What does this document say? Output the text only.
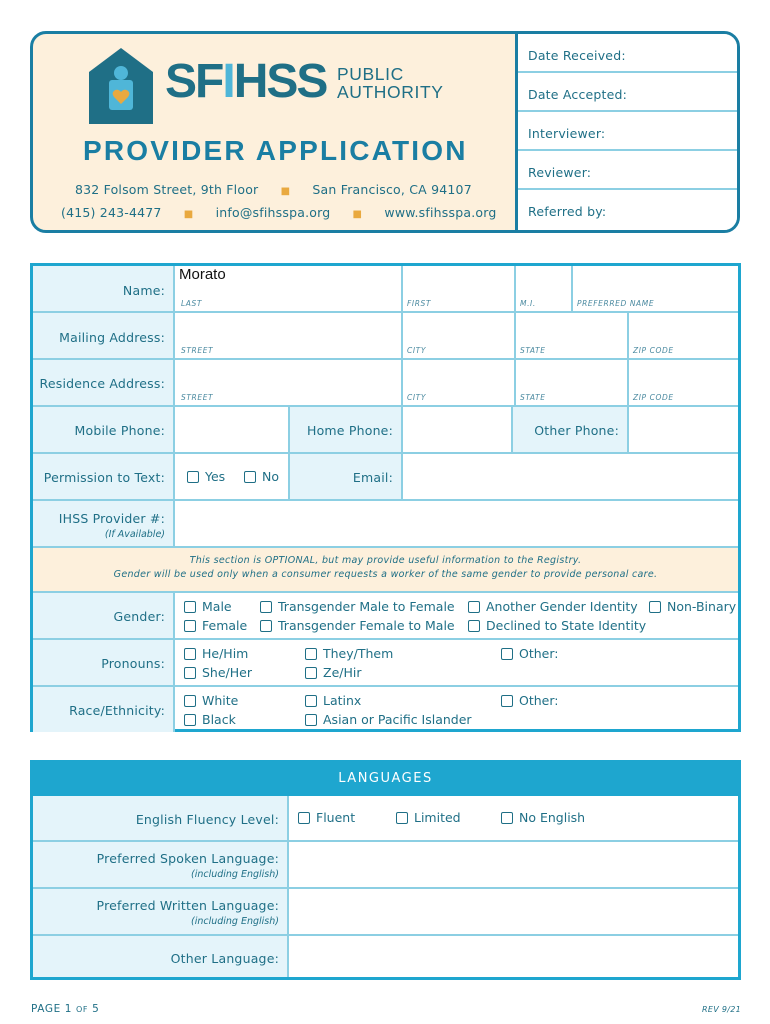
SFIHSS PUBLIC
AUTHORITY
PROVIDER APPLICATION
832 Folsom Street, 9th Floor ■ San Francisco, CA 94107
(415) 243-4477 ■ info@sfihsspa.org ■ www.sfihsspa.org
Date Received:
Date Accepted:
Interviewer:
Reviewer:
Referred by:
Name:
Morato
LAST	FIRST	M.I.	PREFERRED NAME
Mailing Address:
STREET	CITY	STATE	ZIP CODE
Residence Address:
STREET	CITY	STATE	ZIP CODE
Mobile Phone:	Home Phone:	Other Phone:
Permission to Text:	Yes	No	Email:
IHSS Provider #:
(If Available)
This section is OPTIONAL, but may provide useful information to the Registry.
Gender will be used only when a consumer requests a worker of the same gender to provide personal care.
Gender:
Male	Transgender Male to Female	Another Gender Identity Non-Binary
Female Transgender Female to Male	Declined to State Identity
Pronouns:
He/Him	They/Them	Other:
She/Her	Ze/Hir
Race/Ethnicity:
White	Latinx	Other:
Black	Asian or Pacific Islander
LANGUAGES
English Fluency Level:	Fluent	Limited	No English
Preferred Spoken Language:
(including English)
Preferred Written Language:
(including English)
Other Language:
PAGE 1 OF 5	REV 9/21
